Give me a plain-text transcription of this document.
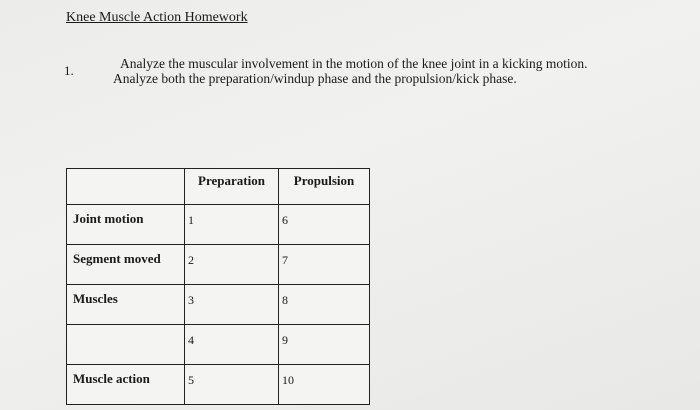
Knee Muscle Action Homework
1.	Analyze the muscular involvement in the motion of the knee joint in a kicking motion.
Analyze both the preparation/windup phase and the propulsion/kick phase.
	Preparation	Propulsion
Joint motion	1	6
Segment moved	2	7
Muscles	3	8
	4	9
Muscle action	5	10
